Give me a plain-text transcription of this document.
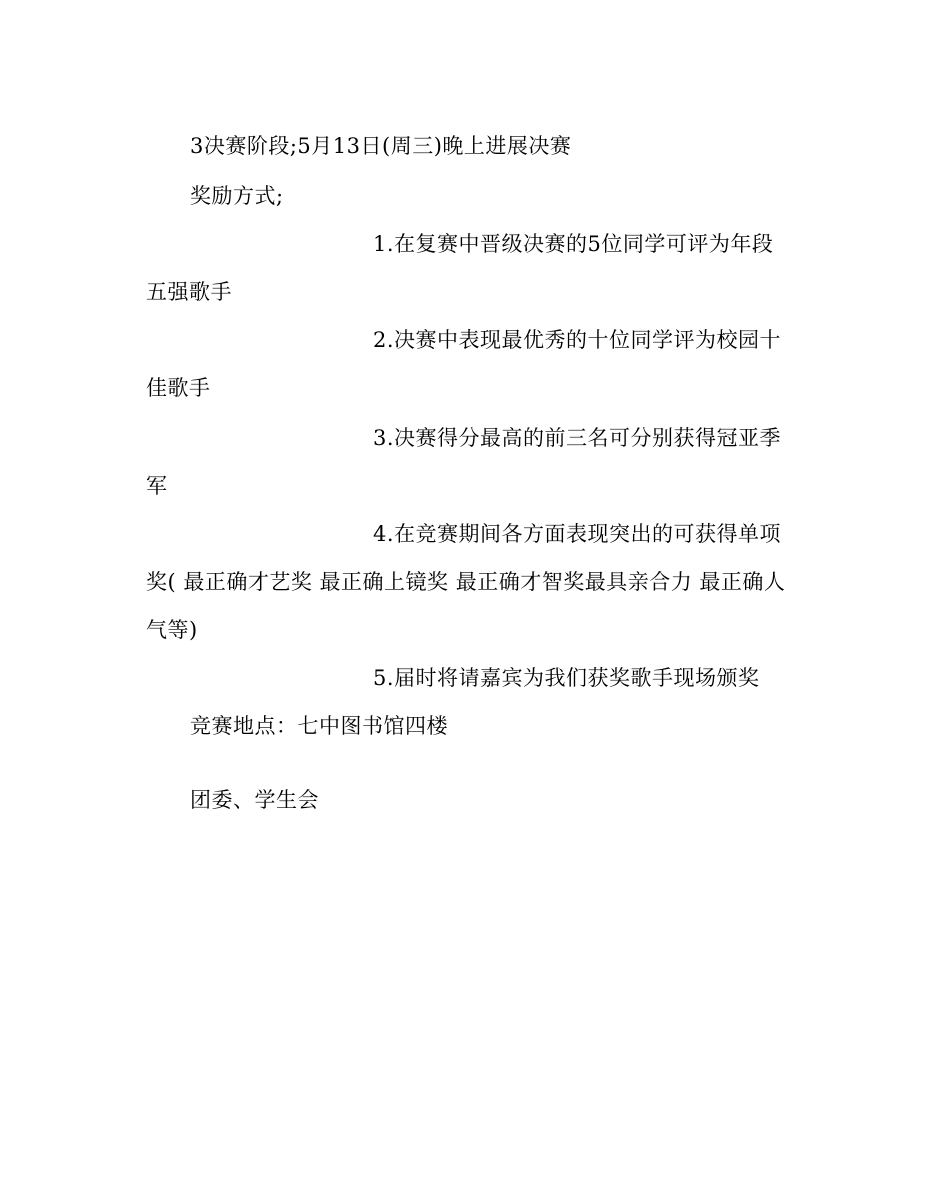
3决赛阶段;5月13日(周三)晚上进展决赛
奖励方式;
1.在复赛中晋级决赛的5位同学可评为年段
五强歌手
2.决赛中表现最优秀的十位同学评为校园十
佳歌手
3.决赛得分最高的前三名可分别获得冠亚季
军
4.在竞赛期间各方面表现突出的可获得单项
奖( 最正确才艺奖 最正确上镜奖 最正确才智奖最具亲合力 最正确人
气等)
5.届时将请嘉宾为我们获奖歌手现场颁奖
竞赛地点：七中图书馆四楼
团委、学生会
